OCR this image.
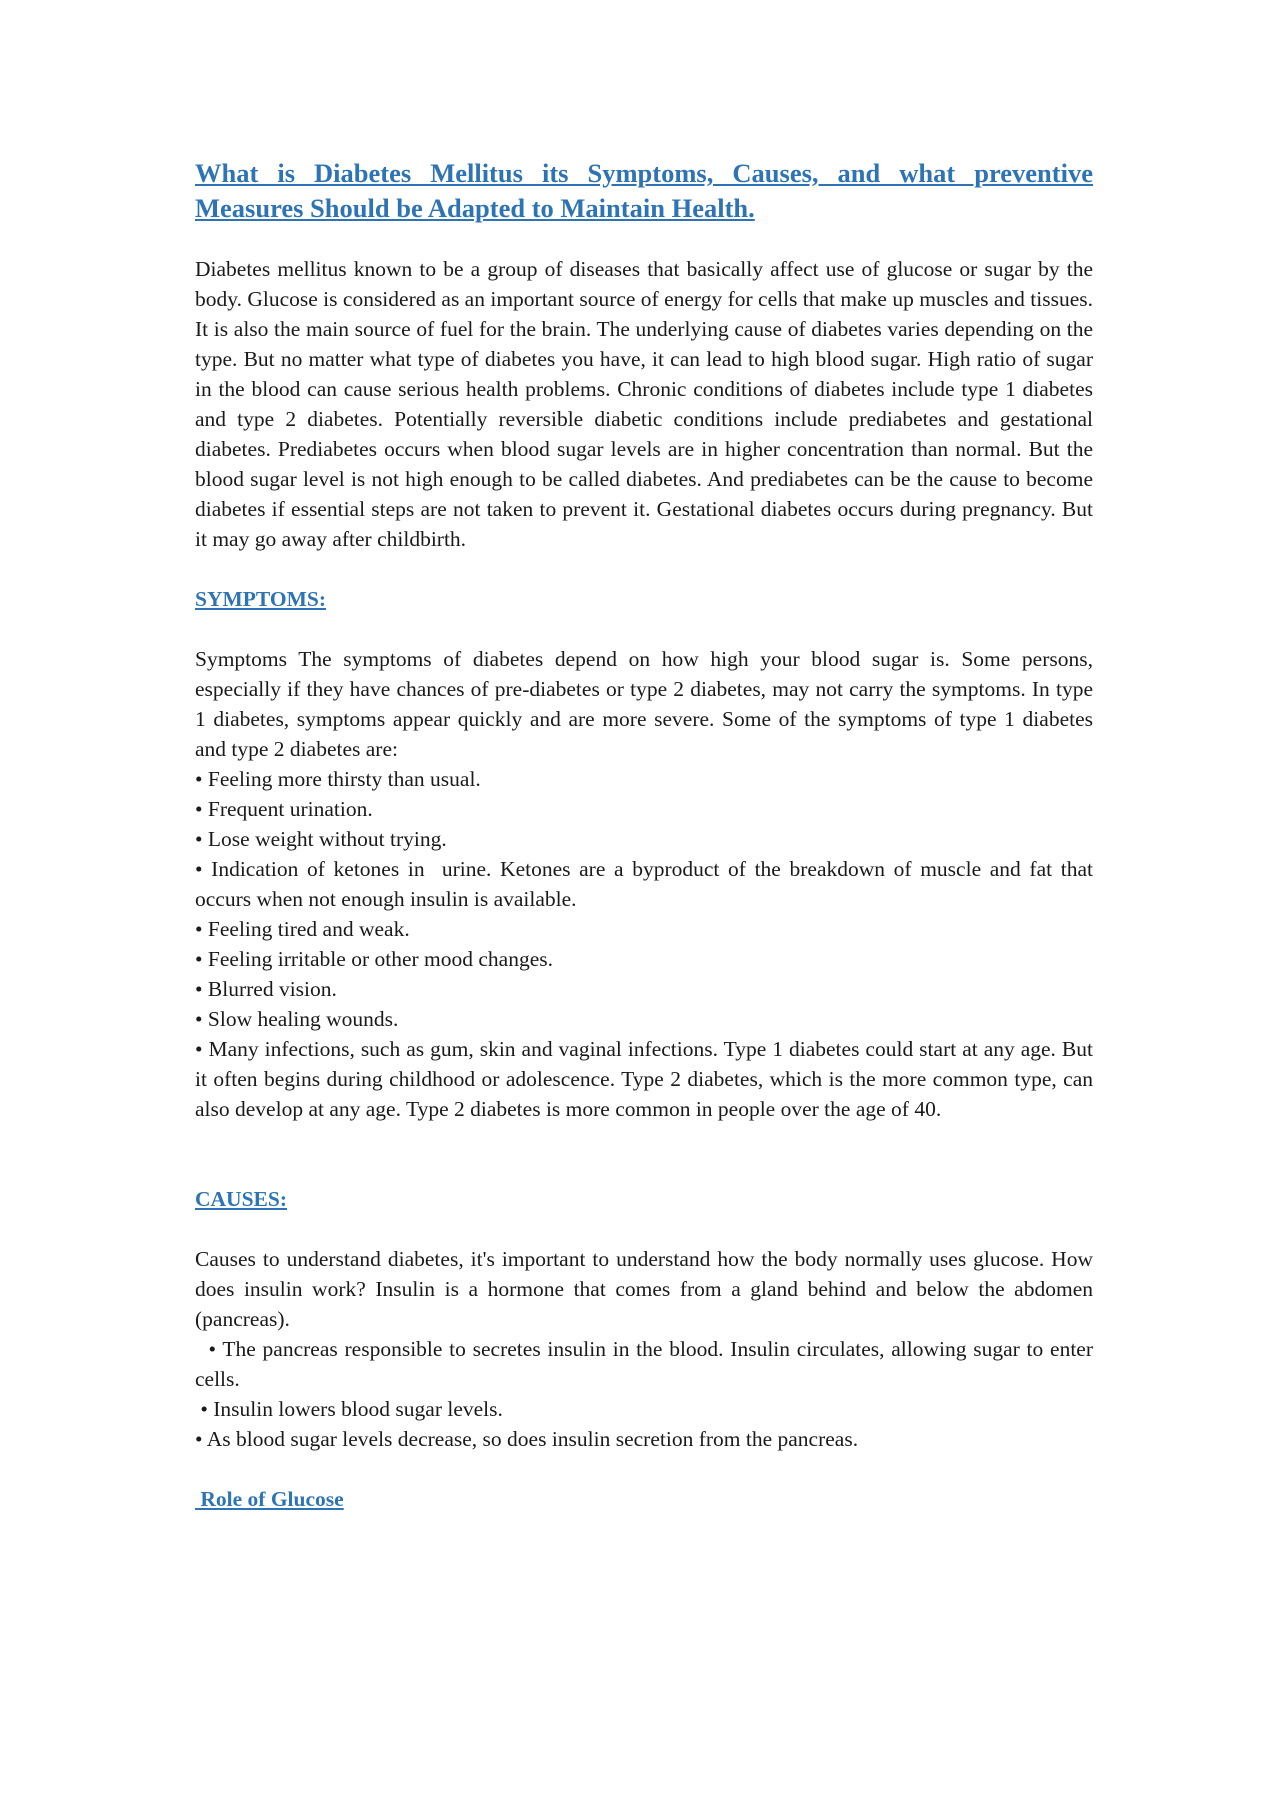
What is Diabetes Mellitus its Symptoms, Causes, and what preventive Measures Should be Adapted to Maintain Health.

Diabetes mellitus known to be a group of diseases that basically affect use of glucose or sugar by the body. Glucose is considered as an important source of energy for cells that make up muscles and tissues. It is also the main source of fuel for the brain. The underlying cause of diabetes varies depending on the type. But no matter what type of diabetes you have, it can lead to high blood sugar. High ratio of sugar in the blood can cause serious health problems. Chronic conditions of diabetes include type 1 diabetes and type 2 diabetes. Potentially reversible diabetic conditions include prediabetes and gestational diabetes. Prediabetes occurs when blood sugar levels are in higher concentration than normal. But the blood sugar level is not high enough to be called diabetes. And prediabetes can be the cause to become diabetes if essential steps are not taken to prevent it. Gestational diabetes occurs during pregnancy. But it may go away after childbirth.

SYMPTOMS:

Symptoms The symptoms of diabetes depend on how high your blood sugar is. Some persons, especially if they have chances of pre-diabetes or type 2 diabetes, may not carry the symptoms. In type 1 diabetes, symptoms appear quickly and are more severe. Some of the symptoms of type 1 diabetes and type 2 diabetes are:

• Feeling more thirsty than usual.

• Frequent urination.

• Lose weight without trying.

• Indication of ketones in  urine. Ketones are a byproduct of the breakdown of muscle and fat that occurs when not enough insulin is available.

• Feeling tired and weak.

• Feeling irritable or other mood changes.

• Blurred vision.

• Slow healing wounds.

• Many infections, such as gum, skin and vaginal infections. Type 1 diabetes could start at any age. But it often begins during childhood or adolescence. Type 2 diabetes, which is the more common type, can also develop at any age. Type 2 diabetes is more common in people over the age of 40.

CAUSES:

Causes to understand diabetes, it's important to understand how the body normally uses glucose. How does insulin work? Insulin is a hormone that comes from a gland behind and below the abdomen (pancreas).

• The pancreas responsible to secretes insulin in the blood. Insulin circulates, allowing sugar to enter cells.

• Insulin lowers blood sugar levels.

• As blood sugar levels decrease, so does insulin secretion from the pancreas.

Role of Glucose
